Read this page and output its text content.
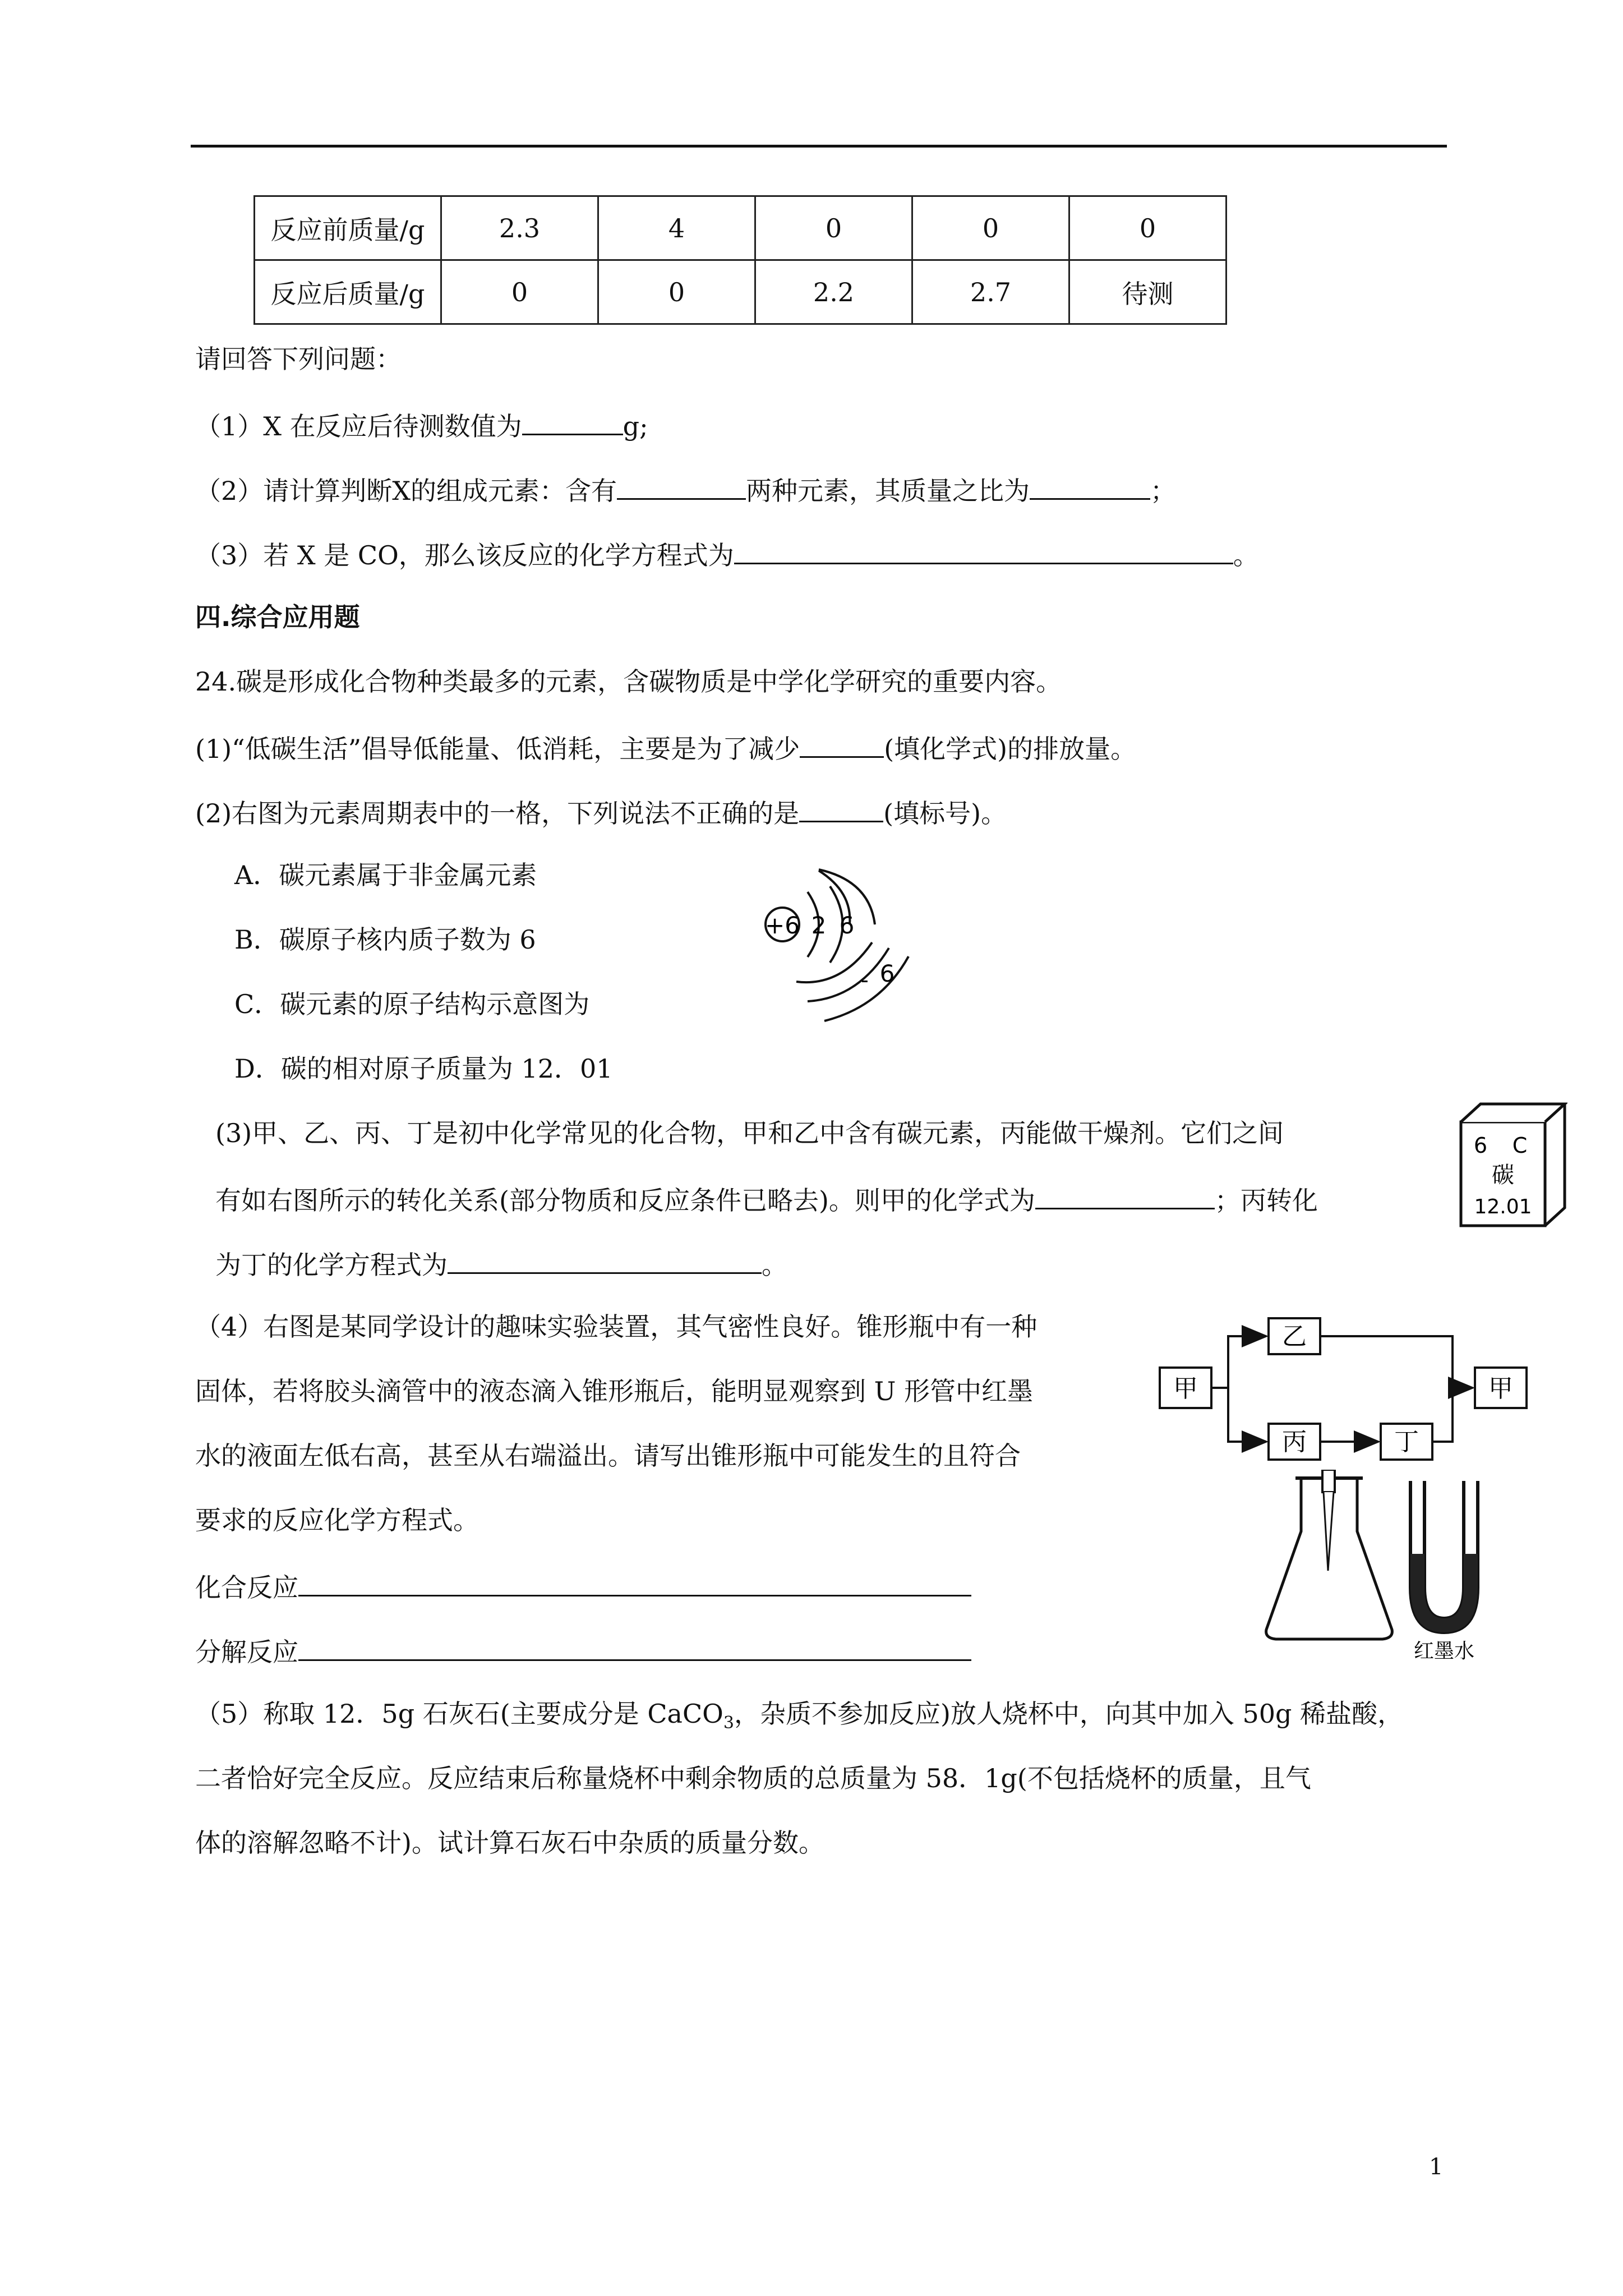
反应前质量/g	2.3	4	0	0	0
反应后质量/g	0	0	2.2	2.7	待测
请回答下列问题：
（1）X 在反应后待测数值为	g;
（2）请计算判断X的组成元素：含有	两种元素，其质量之比为	；
（3）若 X 是 CO，那么该反应的化学方程式为	。
四.综合应用题
24.碳是形成化合物种类最多的元素，含碳物质是中学化学研究的重要内容。
(1)“低碳生活”倡导低能量、低消耗，主要是为了减少	(填化学式)的排放量。
(2)右图为元素周期表中的一格，下列说法不正确的是	(填标号)。
A．碳元素属于非金属元素
B．碳原子核内质子数为 6
C．碳元素的原子结构示意图为
D．碳的相对原子质量为 12．01
+6 2 6
- 6
(3)甲、乙、丙、丁是初中化学常见的化合物，甲和乙中含有碳元素，丙能做干燥剂。它们之间
有如右图所示的转化关系(部分物质和反应条件已略去)。则甲的化学式为	；丙转化
为丁的化学方程式为	。
6 C
碳
12.01
甲
乙
丙	丁
甲
（4）右图是某同学设计的趣味实验装置，其气密性良好。锥形瓶中有一种
固体，若将胶头滴管中的液态滴入锥形瓶后，能明显观察到 U 形管中红墨
水的液面左低右高，甚至从右端溢出。请写出锥形瓶中可能发生的且符合
要求的反应化学方程式。
化合反应
分解反应	红墨水
（5）称取 12．5g 石灰石(主要成分是 CaCO$_3$，杂质不参加反应)放人烧杯中，向其中加入 50g 稀盐酸，
二者恰好完全反应。反应结束后称量烧杯中剩余物质的总质量为 58．1g(不包括烧杯的质量，且气
体的溶解忽略不计)。试计算石灰石中杂质的质量分数。
1
